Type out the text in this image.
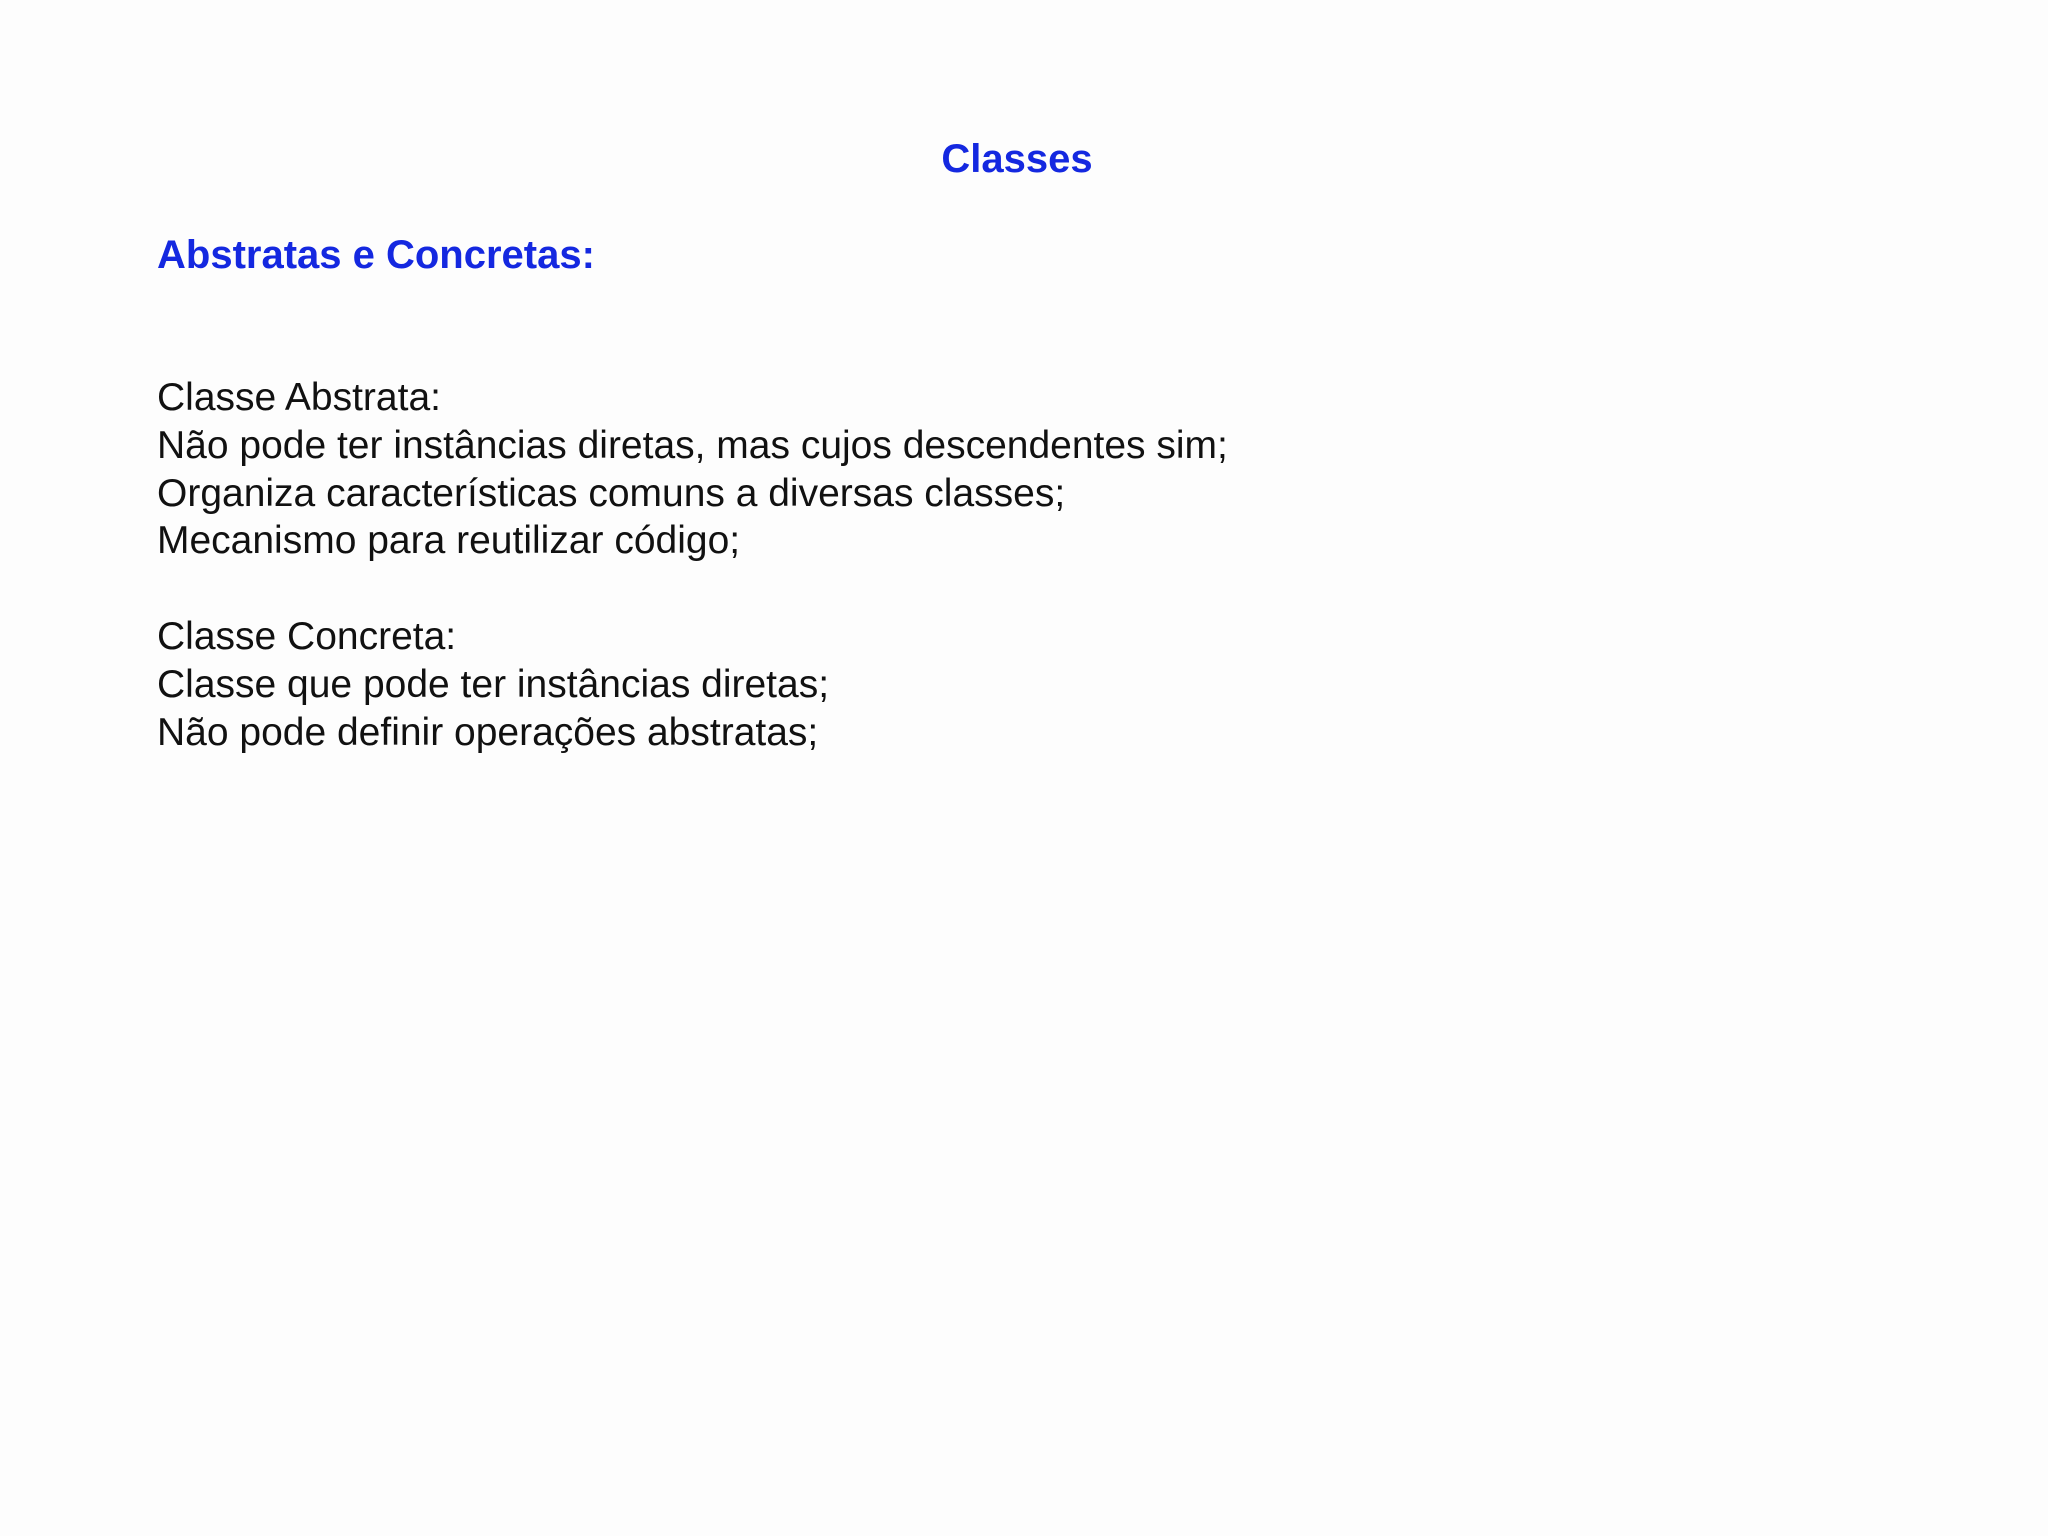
Classes
Abstratas e Concretas:
Classe Abstrata:
Não pode ter instâncias diretas, mas cujos descendentes sim;
Organiza características comuns a diversas classes;
Mecanismo para reutilizar código;
Classe Concreta:
Classe que pode ter instâncias diretas;
Não pode definir operações abstratas;
